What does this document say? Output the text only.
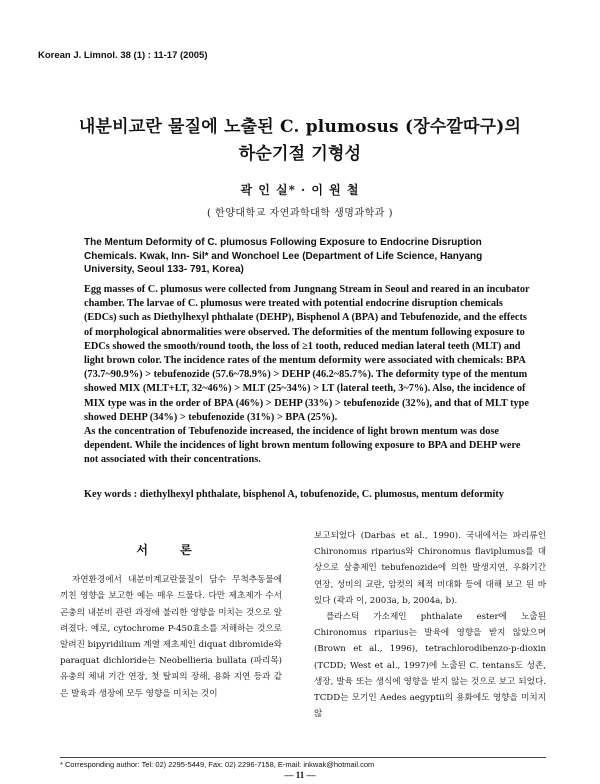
Korean J. Limnol. 38 (1) : 11-17 (2005)
내분비교란 물질에 노출된 C. plumosus (장수깔따구)의
하순기절 기형성
곽 인 실* · 이 원 철
( 한양대학교 자연과학대학 생명과학과 )
The Mentum Deformity of C. plumosus Following Exposure to Endocrine Disruption Chemicals. Kwak, Inn- Sil* and Wonchoel Lee (Department of Life Science, Hanyang University, Seoul 133- 791, Korea)

Egg masses of C. plumosus were collected from Jungnang Stream in Seoul and reared in an incubator chamber. The larvae of C. plumosus were treated with potential endocrine disruption chemicals (EDCs) such as Diethylhexyl phthalate (DEHP), Bisphenol A (BPA) and Tebufenozide, and the effects of morphological abnormalities were observed. The deformities of the mentum following exposure to EDCs showed the smooth/round tooth, the loss of ≥1 tooth, reduced median lateral teeth (MLT) and light brown color. The incidence rates of the mentum deformity were associated with chemicals: BPA (73.7~90.9%) > tebufenozide (57.6~78.9%) > DEHP (46.2~85.7%). The deformity type of the mentum showed MIX (MLT+LT, 32~46%) > MLT (25~34%) > LT (lateral teeth, 3~7%). Also, the incidence of MIX type was in the order of BPA (46%) > DEHP (33%) > tebufenozide (32%), and that of MLT type showed DEHP (34%) > tebufenozide (31%) > BPA (25%).

As the concentration of Tebufenozide increased, the incidence of light brown mentum was dose dependent. While the incidences of light brown mentum following exposure to BPA and DEHP were not associated with their concentrations.

Key words : diethylhexyl phthalate, bisphenol A, tobufenozide, C. plumosus, mentum deformity
서 론

자연환경에서 내분비계교란물질이 담수 무척추동물에 끼친 영향을 보고한 예는 매우 드물다. 다만 제초제가 수서곤충의 내분비 관련 과정에 불리한 영향을 미치는 것으로 알려졌다. 예로, cytochrome P-450효소를 저해하는 것으로 알려진 bipyridilium 계열 제초제인 diquat dibromide와 paraquat dichloride는 Neobellieria bullata (파리목) 유충의 체내 기간 연장, 첫 탈피의 장해, 용화 지연 등과 같은 발육과 생장에 모두 영향을 미치는 것이

보고되었다 (Darbas et al., 1990). 국내에서는 파리류인 Chironomus riparius와 Chironomus flaviplumus를 대상으로 살충제인 tebufenozide에 의한 발생지연, 우화기간 연장, 성비의 교란, 암컷의 체적 비대화 등에 대해 보고 된 바 있다 (곽과 이, 2003a, b, 2004a, b).

플라스틱 가소제인 phthalate ester에 노출된 Chironomus riparius는 발육에 영향을 받지 않았으며 (Brown et al., 1996), tetrachlorodibenzo-p-dioxin (TCDD; West et al., 1997)에 노출된 C. tentans도 성존, 생장, 발육 또는 생식에 영향을 받지 않는 것으로 보고 되었다. TCDD는 모기인 Aedes aegyptii의 용화에도 영향을 미치지 않

* Corresponding author: Tel: 02) 2295-5449, Fax: 02) 2296-7158, E-mail: inkwak@hotmail.com
— 11 —
